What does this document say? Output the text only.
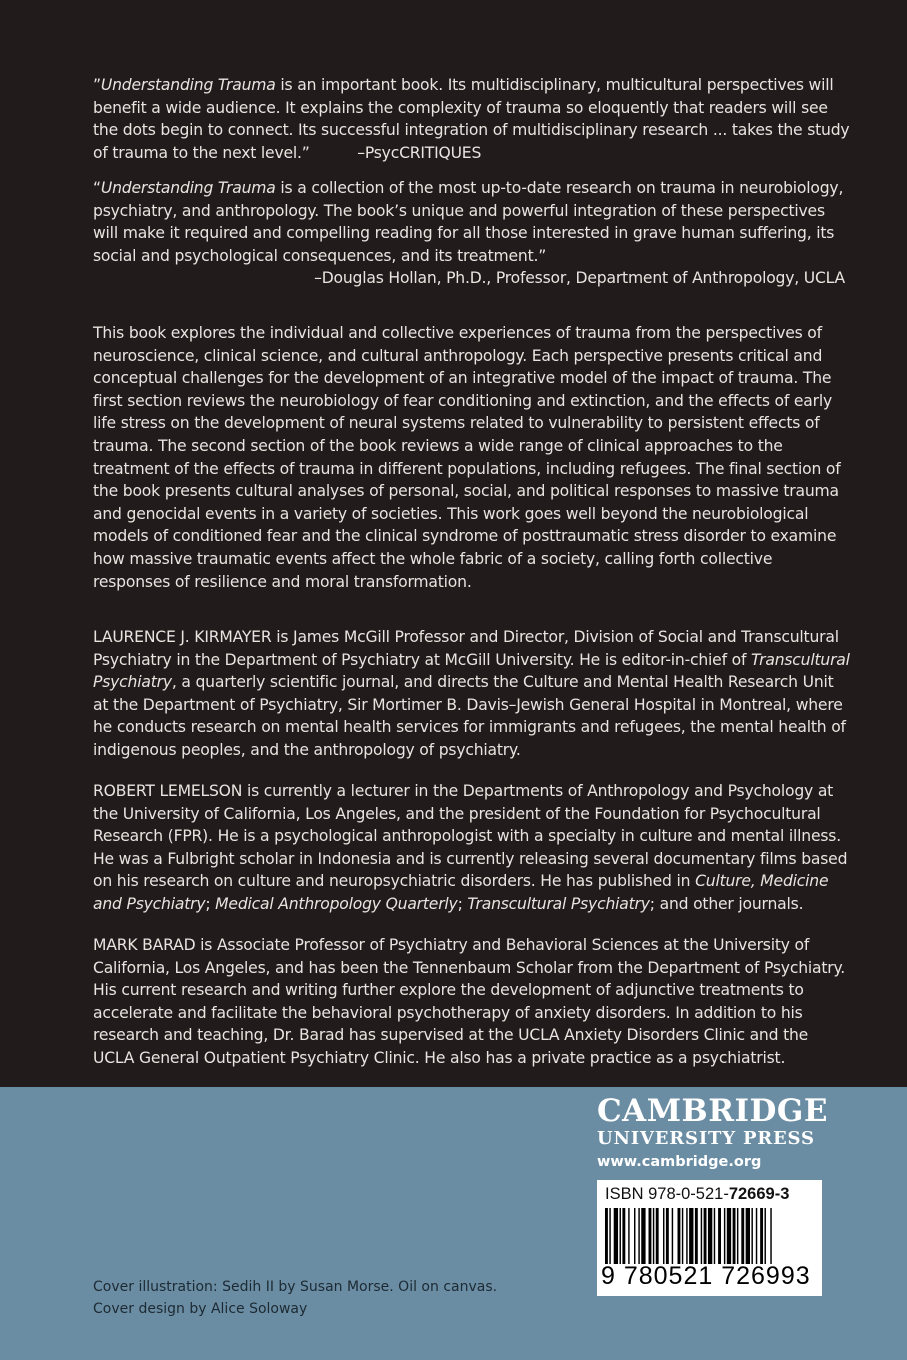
”Understanding Trauma is an important book. Its multidisciplinary, multicultural perspectives will benefit a wide audience. It explains the complexity of trauma so eloquently that readers will see the dots begin to connect. Its successful integration of multidisciplinary research ... takes the study of trauma to the next level.”	–PsycCRITIQUES
“Understanding Trauma is a collection of the most up-to-date research on trauma in neurobiology, psychiatry, and anthropology. The book’s unique and powerful integration of these perspectives will make it required and compelling reading for all those interested in grave human suffering, its social and psychological consequences, and its treatment.”
–Douglas Hollan, Ph.D., Professor, Department of Anthropology, UCLA
This book explores the individual and collective experiences of trauma from the perspectives of neuroscience, clinical science, and cultural anthropology. Each perspective presents critical and conceptual challenges for the development of an integrative model of the impact of trauma. The first section reviews the neurobiology of fear conditioning and extinction, and the effects of early life stress on the development of neural systems related to vulnerability to persistent effects of trauma. The second section of the book reviews a wide range of clinical approaches to the treatment of the effects of trauma in different populations, including refugees. The final section of the book presents cultural analyses of personal, social, and political responses to massive trauma and genocidal events in a variety of societies. This work goes well beyond the neurobiological models of conditioned fear and the clinical syndrome of posttraumatic stress disorder to examine how massive traumatic events affect the whole fabric of a society, calling forth collective responses of resilience and moral transformation.
LAURENCE J. KIRMAYER is James McGill Professor and Director, Division of Social and Transcultural Psychiatry in the Department of Psychiatry at McGill University. He is editor-in-chief of Transcultural Psychiatry, a quarterly scientific journal, and directs the Culture and Mental Health Research Unit at the Department of Psychiatry, Sir Mortimer B. Davis–Jewish General Hospital in Montreal, where he conducts research on mental health services for immigrants and refugees, the mental health of indigenous peoples, and the anthropology of psychiatry.
ROBERT LEMELSON is currently a lecturer in the Departments of Anthropology and Psychology at the University of California, Los Angeles, and the president of the Foundation for Psychocultural Research (FPR). He is a psychological anthropologist with a specialty in culture and mental illness. He was a Fulbright scholar in Indonesia and is currently releasing several documentary films based on his research on culture and neuropsychiatric disorders. He has published in Culture, Medicine and Psychiatry; Medical Anthropology Quarterly; Transcultural Psychiatry; and other journals.
MARK BARAD is Associate Professor of Psychiatry and Behavioral Sciences at the University of California, Los Angeles, and has been the Tennenbaum Scholar from the Department of Psychiatry. His current research and writing further explore the development of adjunctive treatments to accelerate and facilitate the behavioral psychotherapy of anxiety disorders. In addition to his research and teaching, Dr. Barad has supervised at the UCLA Anxiety Disorders Clinic and the UCLA General Outpatient Psychiatry Clinic. He also has a private practice as a psychiatrist.
CAMBRIDGE
UNIVERSITY PRESS
www.cambridge.org
ISBN 978-0-521-72669-3
9 780521 726993
Cover illustration: Sedih II by Susan Morse. Oil on canvas.
Cover design by Alice Soloway
